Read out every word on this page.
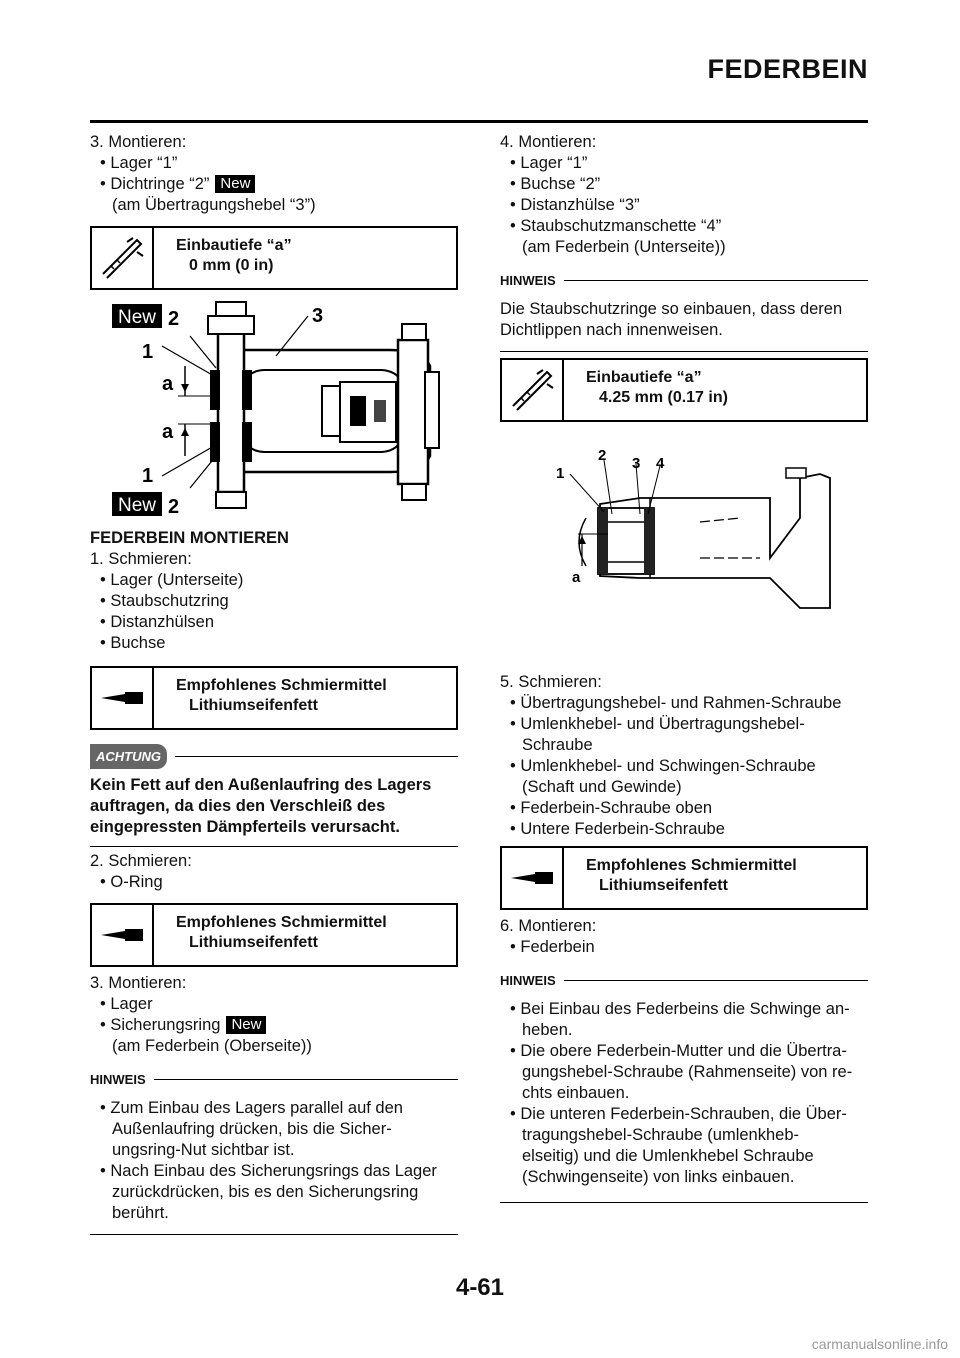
FEDERBEIN
3. Montieren:
• Lager “1”
• Dichtringe “2” New
(am Übertragungshebel “3”)
Einbautiefe “a”
0 mm (0 in)
New 2	3
1
a
a
1
New 2
FEDERBEIN MONTIEREN
1. Schmieren:
• Lager (Unterseite)
• Staubschutzring
• Distanzhülsen
• Buchse
Empfohlenes Schmiermittel
Lithiumseifenfett
ACHTUNG
Kein Fett auf den Außenlaufring des Lagers auftragen, da dies den Verschleiß des eingepressten Dämpferteils verursacht.
2. Schmieren:
• O-Ring
Empfohlenes Schmiermittel
Lithiumseifenfett
3. Montieren:
• Lager
• Sicherungsring New
(am Federbein (Oberseite))
HINWEIS
• Zum Einbau des Lagers parallel auf den
Außenlaufring drücken, bis die Sicher-
ungsring-Nut sichtbar ist.
• Nach Einbau des Sicherungsrings das Lager
zurückdrücken, bis es den Sicherungsring
berührt.
4. Montieren:
• Lager “1”
• Buchse “2”
• Distanzhülse “3”
• Staubschutzmanschette “4”
(am Federbein (Unterseite))
HINWEIS
Die Staubschutzringe so einbauen, dass deren Dichtlippen nach innenweisen.
Einbautiefe “a”
4.25 mm (0.17 in)
1
2 3 4
a
5. Schmieren:
• Übertragungshebel- und Rahmen-Schraube
• Umlenkhebel- und Übertragungshebel-
Schraube
• Umlenkhebel- und Schwingen-Schraube
(Schaft und Gewinde)
• Federbein-Schraube oben
• Untere Federbein-Schraube
Empfohlenes Schmiermittel
Lithiumseifenfett
6. Montieren:
• Federbein
HINWEIS
• Bei Einbau des Federbeins die Schwinge an-
heben.
• Die obere Federbein-Mutter und die Übertra-
gungshebel-Schraube (Rahmenseite) von re-
chts einbauen.
• Die unteren Federbein-Schrauben, die Über-
tragungshebel-Schraube (umlenkheb-
elseitig) und die Umlenkhebel Schraube
(Schwingenseite) von links einbauen.
4-61
carmanualsonline.info
